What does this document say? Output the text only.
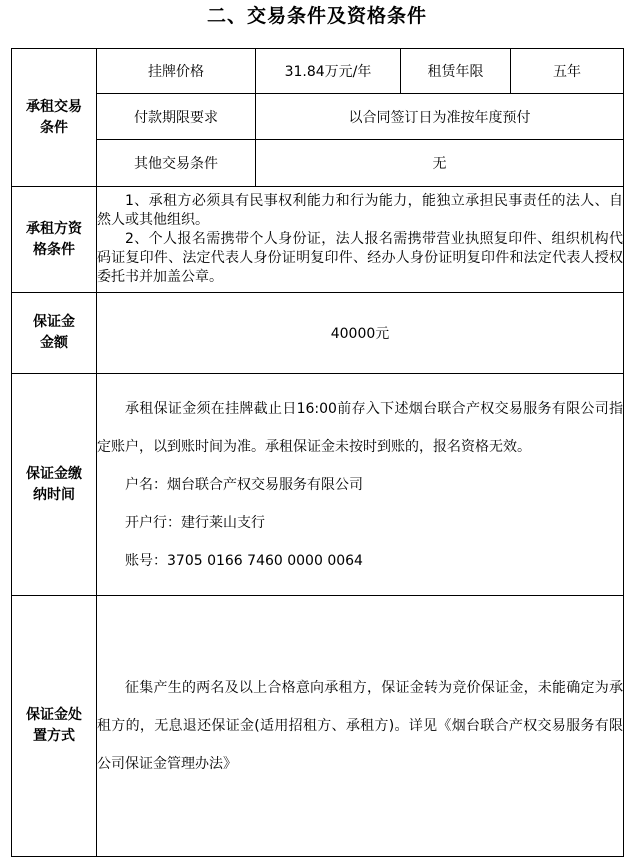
二、交易条件及资格条件
承租交易条件	挂牌价格	31.84万元/年	租赁年限	五年
	付款期限要求	以合同签订日为准按年度预付		
	其他交易条件	无		
承租方资格条件	1、承租方必须具有民事权利能力和行为能力，能独立承担民事责任的法人、自然人或其他组织。

2、个人报名需携带个人身份证，法人报名需携带营业执照复印件、组织机构代码证复印件、法定代表人身份证明复印件、经办人身份证明复印件和法定代表人授权委托书并加盖公章。			

保证金金额	40000元			
保证金缴纳时间	承租保证金须在挂牌截止日16:00前存入下述烟台联合产权交易服务有限公司指定账户，以到账时间为准。承租保证金未按时到账的，报名资格无效。

户名：烟台联合产权交易服务有限公司

开户行：建行莱山支行

账号：3705 0166 7460 0000 0064			

保证金处置方式	征集产生的两名及以上合格意向承租方，保证金转为竞价保证金，未能确定为承租方的，无息退还保证金(适用招租方、承租方)。详见《烟台联合产权交易服务有限公司保证金管理办法》			
